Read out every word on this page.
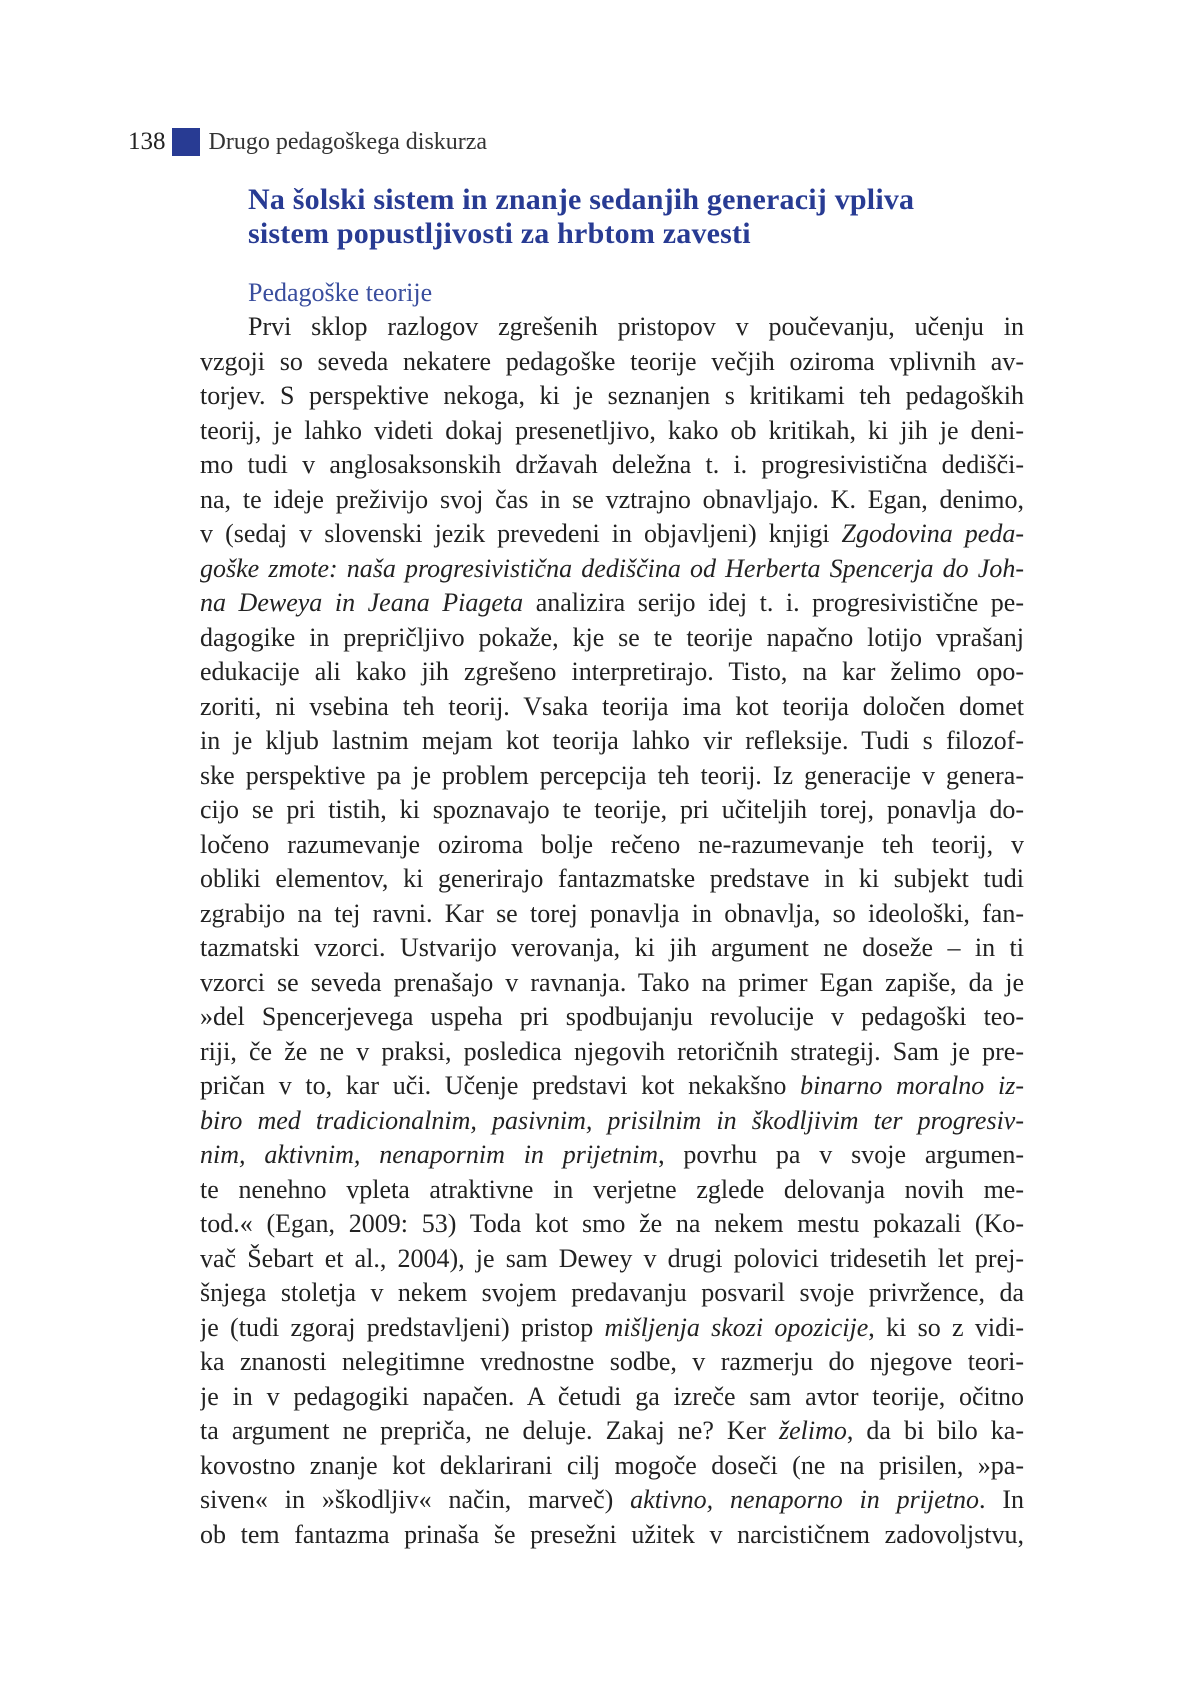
138 Drugo pedagoškega diskurza
Na šolski sistem in znanje sedanjih generacij vpliva
sistem popustljivosti za hrbtom zavesti
Pedagoške teorije
Prvi sklop razlogov zgrešenih pristopov v poučevanju, učenju in
vzgoji so seveda nekatere pedagoške teorije večjih oziroma vplivnih av-
torjev. S perspektive nekoga, ki je seznanjen s kritikami teh pedagoških
teorij, je lahko videti dokaj presenetljivo, kako ob kritikah, ki jih je deni-
mo tudi v anglosaksonskih državah deležna t. i. progresivistična dedišči-
na, te ideje preživijo svoj čas in se vztrajno obnavljajo. K. Egan, denimo,
v (sedaj v slovenski jezik prevedeni in objavljeni) knjigi Zgodovina peda-
goške zmote: naša progresivistična dediščina od Herberta Spencerja do Joh-
na Deweya in Jeana Piageta analizira serijo idej t. i. progresivistične pe-
dagogike in prepričljivo pokaže, kje se te teorije napačno lotijo vprašanj
edukacije ali kako jih zgrešeno interpretirajo. Tisto, na kar želimo opo-
zoriti, ni vsebina teh teorij. Vsaka teorija ima kot teorija določen domet
in je kljub lastnim mejam kot teorija lahko vir refleksije. Tudi s filozof-
ske perspektive pa je problem percepcija teh teorij. Iz generacije v genera-
cijo se pri tistih, ki spoznavajo te teorije, pri učiteljih torej, ponavlja do-
ločeno razumevanje oziroma bolje rečeno ne-razumevanje teh teorij, v
obliki elementov, ki generirajo fantazmatske predstave in ki subjekt tudi
zgrabijo na tej ravni. Kar se torej ponavlja in obnavlja, so ideološki, fan-
tazmatski vzorci. Ustvarijo verovanja, ki jih argument ne doseže – in ti
vzorci se seveda prenašajo v ravnanja. Tako na primer Egan zapiše, da je
»del Spencerjevega uspeha pri spodbujanju revolucije v pedagoški teo-
riji, če že ne v praksi, posledica njegovih retoričnih strategij. Sam je pre-
pričan v to, kar uči. Učenje predstavi kot nekakšno binarno moralno iz-
biro med tradicionalnim, pasivnim, prisilnim in škodljivim ter progresiv-
nim, aktivnim, nenapornim in prijetnim, povrhu pa v svoje argumen-
te nenehno vpleta atraktivne in verjetne zglede delovanja novih me-
tod.« (Egan, 2009: 53) Toda kot smo že na nekem mestu pokazali (Ko-
vač Šebart et al., 2004), je sam Dewey v drugi polovici tridesetih let prej-
šnjega stoletja v nekem svojem predavanju posvaril svoje privržence, da
je (tudi zgoraj predstavljeni) pristop mišljenja skozi opozicije, ki so z vidi-
ka znanosti nelegitimne vrednostne sodbe, v razmerju do njegove teori-
je in v pedagogiki napačen. A četudi ga izreče sam avtor teorije, očitno
ta argument ne prepriča, ne deluje. Zakaj ne? Ker želimo, da bi bilo ka-
kovostno znanje kot deklarirani cilj mogoče doseči (ne na prisilen, »pa-
siven« in »škodljiv« način, marveč) aktivno, nenaporno in prijetno. In
ob tem fantazma prinaša še presežni užitek v narcističnem zadovoljstvu,
